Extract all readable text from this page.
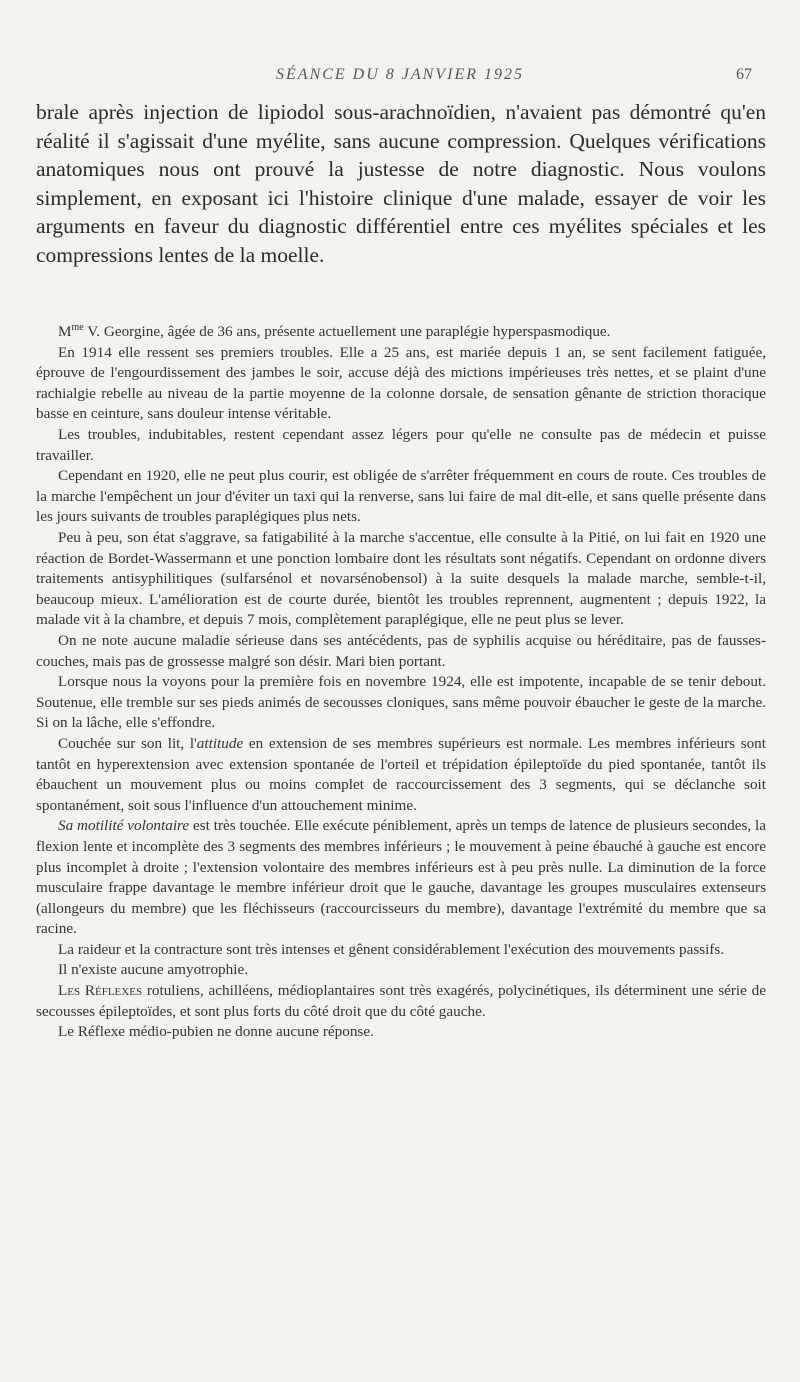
SÉANCE DU 8 JANVIER 1925	67

brale après injection de lipiodol sous-arachnoïdien, n'avaient pas démontré qu'en réalité il s'agissait d'une myélite, sans aucune compression. Quelques vérifications anatomiques nous ont prouvé la justesse de notre diagnostic. Nous voulons simplement, en exposant ici l'histoire clinique d'une malade, essayer de voir les arguments en faveur du diagnostic différentiel entre ces myélites spéciales et les compressions lentes de la moelle.

$M^{me}$ V. Georgine, âgée de 36 ans, présente actuellement une paraplégie hyperspasmodique.

En 1914 elle ressent ses premiers troubles. Elle a 25 ans, est mariée depuis 1 an, se sent facilement fatiguée, éprouve de l'engourdissement des jambes le soir, accuse déjà des mictions impérieuses très nettes, et se plaint d'une rachialgie rebelle au niveau de la partie moyenne de la colonne dorsale, de sensation gênante de striction thoracique basse en ceinture, sans douleur intense véritable.

Les troubles, indubitables, restent cependant assez légers pour qu'elle ne consulte pas de médecin et puisse travailler.

Cependant en 1920, elle ne peut plus courir, est obligée de s'arrêter fréquemment en cours de route. Ces troubles de la marche l'empêchent un jour d'éviter un taxi qui la renverse, sans lui faire de mal dit-elle, et sans quelle présente dans les jours suivants de troubles paraplégiques plus nets.

Peu à peu, son état s'aggrave, sa fatigabilité à la marche s'accentue, elle consulte à la Pitié, on lui fait en 1920 une réaction de Bordet-Wassermann et une ponction lombaire dont les résultats sont négatifs. Cependant on ordonne divers traitements antisyphilitiques (sulfarsénol et novarsénobensol) à la suite desquels la malade marche, semble-t-il, beaucoup mieux. L'amélioration est de courte durée, bientôt les troubles reprennent, augmentent ; depuis 1922, la malade vit à la chambre, et depuis 7 mois, complètement paraplégique, elle ne peut plus se lever.

On ne note aucune maladie sérieuse dans ses antécédents, pas de syphilis acquise ou héréditaire, pas de fausses-couches, mais pas de grossesse malgré son désir. Mari bien portant.

Lorsque nous la voyons pour la première fois en novembre 1924, elle est impotente, incapable de se tenir debout. Soutenue, elle tremble sur ses pieds animés de secousses cloniques, sans même pouvoir ébaucher le geste de la marche. Si on la lâche, elle s'effondre.

Couchée sur son lit, l'attitude en extension de ses membres supérieurs est normale. Les membres inférieurs sont tantôt en hyperextension avec extension spontanée de l'orteil et trépidation épileptoïde du pied spontanée, tantôt ils ébauchent un mouvement plus ou moins complet de raccourcissement des 3 segments, qui se déclanche soit spontanément, soit sous l'influence d'un attouchement minime.

Sa motilité volontaire est très touchée. Elle exécute péniblement, après un temps de latence de plusieurs secondes, la flexion lente et incomplète des 3 segments des membres inférieurs ; le mouvement à peine ébauché à gauche est encore plus incomplet à droite ; l'extension volontaire des membres inférieurs est à peu près nulle. La diminution de la force musculaire frappe davantage le membre inférieur droit que le gauche, davantage les groupes musculaires extenseurs (allongeurs du membre) que les fléchisseurs (raccourcisseurs du membre), davantage l'extrémité du membre que sa racine.

La raideur et la contracture sont très intenses et gênent considérablement l'exécution des mouvements passifs.

Il n'existe aucune amyotrophie.

Les Réflexes rotuliens, achilléens, médioplantaires sont très exagérés, polycinétiques, ils déterminent une série de secousses épileptoïdes, et sont plus forts du côté droit que du côté gauche.

Le Réflexe médio-pubien ne donne aucune réponse.
